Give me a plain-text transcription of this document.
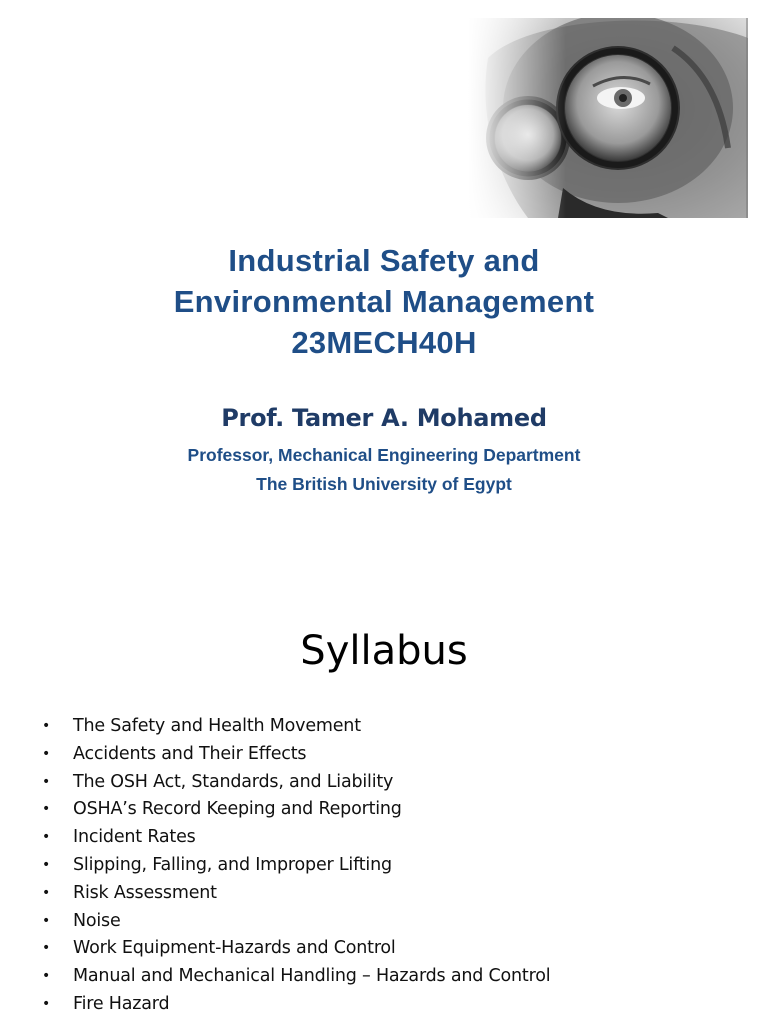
Industrial Safety and
Environmental Management
23MECH40H
Prof. Tamer A. Mohamed
Professor, Mechanical Engineering Department
The British University of Egypt
Syllabus
• The Safety and Health Movement
• Accidents and Their Effects
• The OSH Act, Standards, and Liability
• OSHA’s Record Keeping and Reporting
• Incident Rates
• Slipping, Falling, and Improper Lifting
• Risk Assessment
• Noise
• Work Equipment-Hazards and Control
• Manual and Mechanical Handling – Hazards and Control
• Fire Hazard
